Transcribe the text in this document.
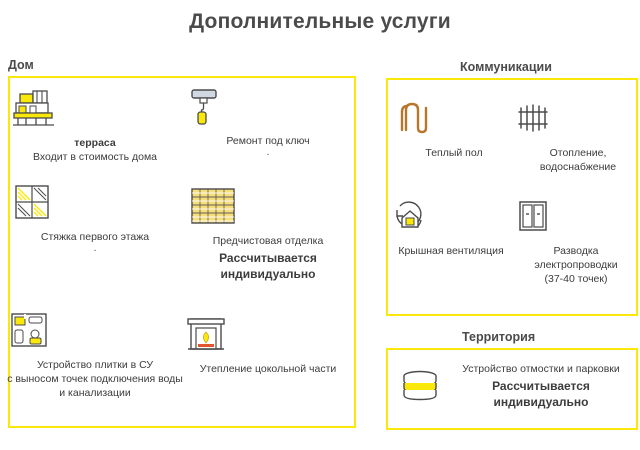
Дополнительные услуги
Дом	Коммуникации
Территория
терраса
Входит в стоимость дома
Стяжка первого этажа
.
Устройство плитки в СУ
с выносом точек подключения воды и канализации
Ремонт под ключ
.
Предчистовая отделка
Рассчитывается индивидуально
Утепление цокольной части
Теплый пол	Отопление, водоснабжение
Крышная вентиляция	Разводка электропроводки
(37-40 точек)
Устройство отмостки и парковки
Рассчитывается индивидуально
